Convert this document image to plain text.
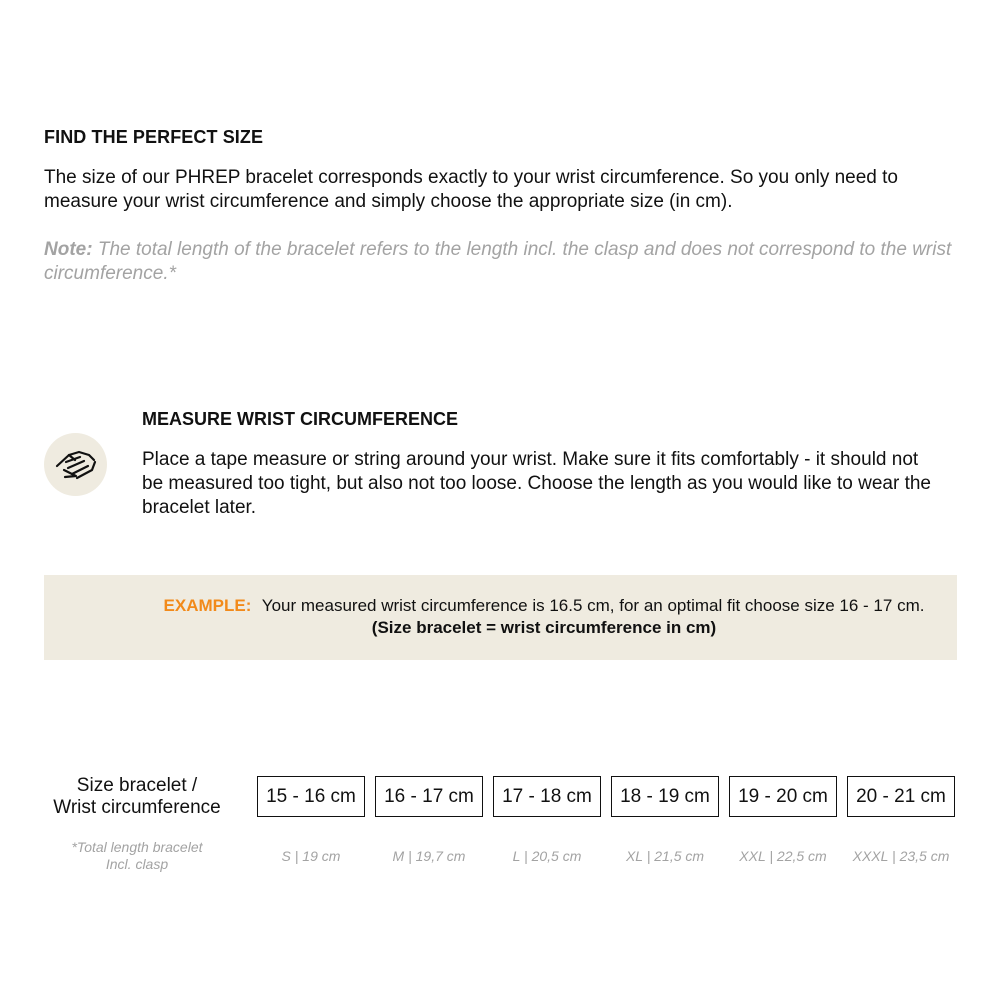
FIND THE PERFECT SIZE

The size of our PHREP bracelet corresponds exactly to your wrist circumference. So you only need to measure your wrist circumference and simply choose the appropriate size (in cm).

Note: The total length of the bracelet refers to the length incl. the clasp and does not correspond to the wrist circumference.*

MEASURE WRIST CIRCUMFERENCE

Place a tape measure or string around your wrist. Make sure it fits comfortably - it should not be measured too tight, but also not too loose. Choose the length as you would like to wear the bracelet later.

EXAMPLE: Your measured wrist circumference is 16.5 cm, for an optimal fit choose size 16 - 17 cm. (Size bracelet = wrist circumference in cm)

Size bracelet /
Wrist circumference
15 - 16 cm	16 - 17 cm	17 - 18 cm	18 - 19 cm	19 - 20 cm	20 - 21 cm
*Total length bracelet
Incl. clasp	S | 19 cm	M | 19,7 cm	L | 20,5 cm	XL | 21,5 cm	XXL | 22,5 cm	XXXL | 23,5 cm
